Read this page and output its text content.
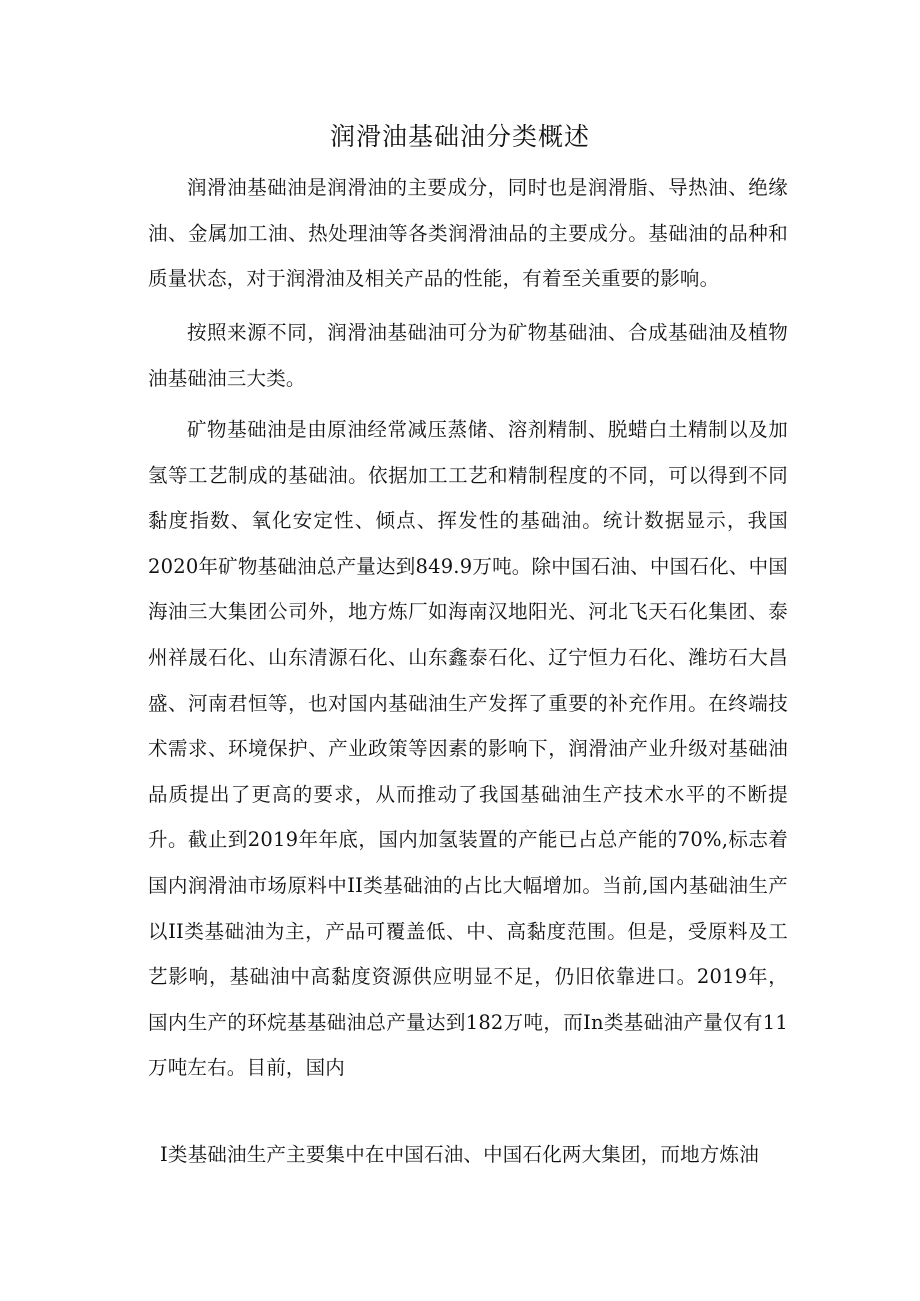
润滑油基础油分类概述

润滑油基础油是润滑油的主要成分，同时也是润滑脂、导热油、绝缘油、金属加工油、热处理油等各类润滑油品的主要成分。基础油的品种和质量状态，对于润滑油及相关产品的性能，有着至关重要的影响。

按照来源不同，润滑油基础油可分为矿物基础油、合成基础油及植物油基础油三大类。

矿物基础油是由原油经常减压蒸储、溶剂精制、脱蜡白土精制以及加氢等工艺制成的基础油。依据加工工艺和精制程度的不同，可以得到不同黏度指数、氧化安定性、倾点、挥发性的基础油。统计数据显示，我国2020年矿物基础油总产量达到849.9万吨。除中国石油、中国石化、中国海油三大集团公司外，地方炼厂如海南汉地阳光、河北飞天石化集团、泰州祥晟石化、山东清源石化、山东鑫泰石化、辽宁恒力石化、潍坊石大昌盛、河南君恒等，也对国内基础油生产发挥了重要的补充作用。在终端技术需求、环境保护、产业政策等因素的影响下，润滑油产业升级对基础油品质提出了更高的要求，从而推动了我国基础油生产技术水平的不断提升。截止到2019年年底，国内加氢装置的产能已占总产能的70%,标志着国内润滑油市场原料中II类基础油的占比大幅增加。当前,国内基础油生产以II类基础油为主，产品可覆盖低、中、高黏度范围。但是，受原料及工艺影响，基础油中高黏度资源供应明显不足，仍旧依靠进口。2019年，国内生产的环烷基基础油总产量达到182万吨，而In类基础油产量仅有11万吨左右。目前，国内

I类基础油生产主要集中在中国石油、中国石化两大集团，而地方炼油
